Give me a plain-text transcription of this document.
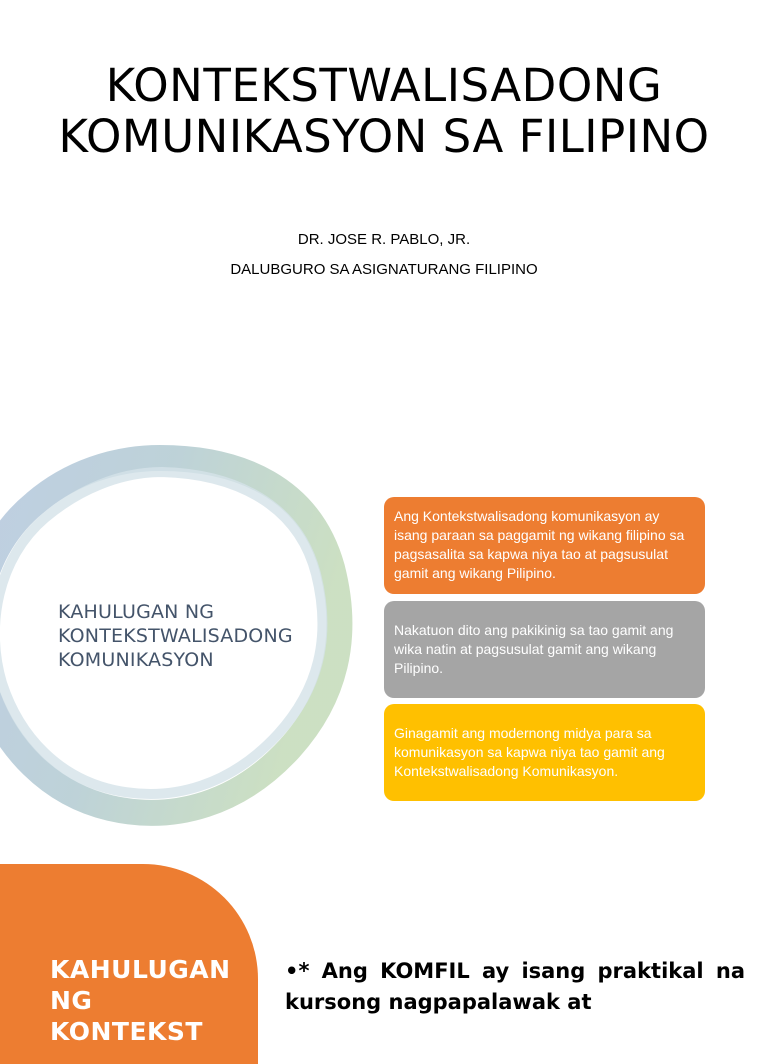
KONTEKSTWALISADONG KOMUNIKASYON SA FILIPINO
DR. JOSE R. PABLO, JR.
DALUBGURO SA ASIGNATURANG FILIPINO
KAHULUGAN NG KONTEKSTWALISADONG KOMUNIKASYON
Ang Kontekstwalisadong komunikasyon ay isang paraan sa paggamit ng wikang filipino sa pagsasalita sa kapwa niya tao at pagsusulat gamit ang wikang Pilipino.
Nakatuon dito ang pakikinig sa tao gamit ang wika natin at pagsusulat gamit ang wikang Pilipino.
Ginagamit ang modernong midya para sa komunikasyon sa kapwa niya tao gamit ang Kontekstwalisadong Komunikasyon.
KAHULUGAN NG KONTEKST
•* Ang KOMFIL ay isang praktikal na kursong nagpapalawak at
